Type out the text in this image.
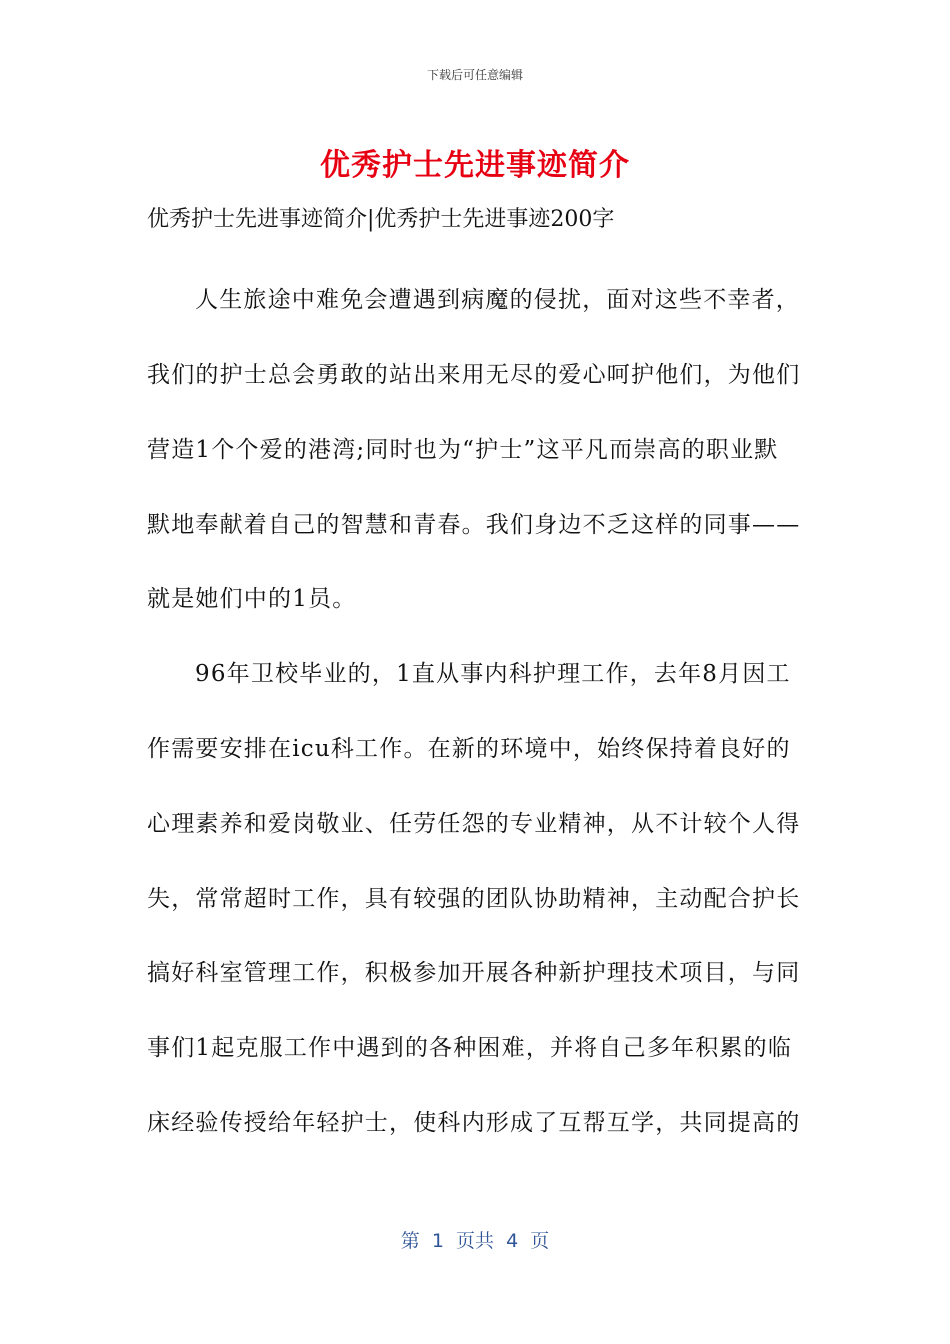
下载后可任意编辑
优秀护士先进事迹简介
优秀护士先进事迹简介|优秀护士先进事迹200字
人生旅途中难免会遭遇到病魔的侵扰，面对这些不幸者，
我们的护士总会勇敢的站出来用无尽的爱心呵护他们，为他们
营造1个个爱的港湾;同时也为“护士”这平凡而崇高的职业默
默地奉献着自己的智慧和青春。我们身边不乏这样的同事——
就是她们中的1员。
96年卫校毕业的，1直从事内科护理工作，去年8月因工
作需要安排在icu科工作。在新的环境中，始终保持着良好的
心理素养和爱岗敬业、任劳任怨的专业精神，从不计较个人得
失，常常超时工作，具有较强的团队协助精神，主动配合护长
搞好科室管理工作，积极参加开展各种新护理技术项目，与同
事们1起克服工作中遇到的各种困难，并将自己多年积累的临
床经验传授给年轻护士，使科内形成了互帮互学，共同提高的
第  1  页共  4  页
